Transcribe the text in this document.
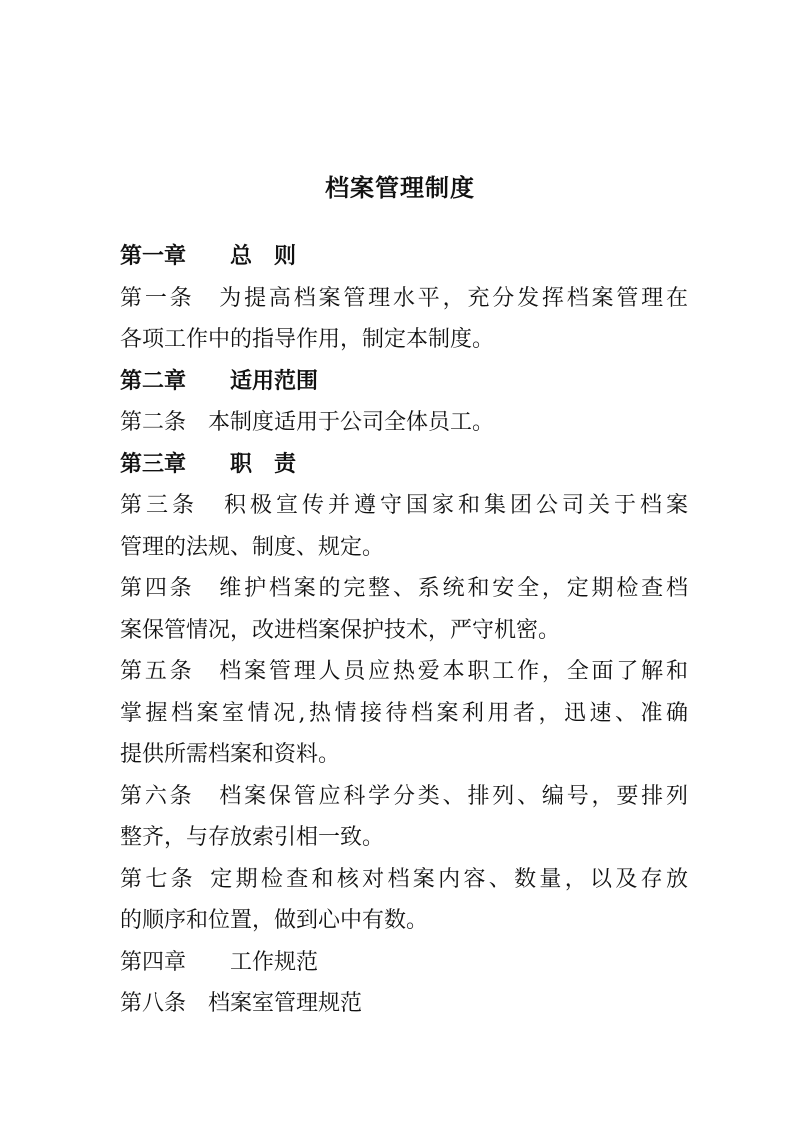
档案管理制度
第一章 总　则
第一条　 为提高档案管理水平，充分发挥档案管理在
各项工作中的指导作用，制定本制度。
第二章 适用范围
第二条　 本制度适用于公司全体员工。
第三章 职　责
第三条　 积极宣传并遵守国家和集团公司关于档案
管理的法规、制度、规定。
第四条　 维护档案的完整、系统和安全，定期检查档
案保管情况，改进档案保护技术，严守机密。
第五条　 档案管理人员应热爱本职工作，全面了解和
掌握档案室情况,热情接待档案利用者，迅速、准确
提供所需档案和资料。
第六条　 档案保管应科学分类、排列、编号，要排列
整齐，与存放索引相一致。
第七条  定期检查和核对档案内容、数量，以及存放
的顺序和位置，做到心中有数。
第四章 工作规范
第八条　 档案室管理规范
